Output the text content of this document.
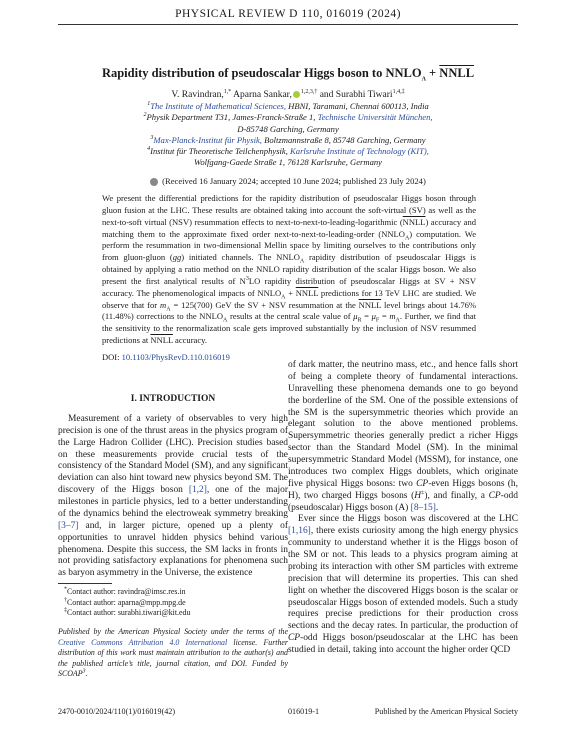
PHYSICAL REVIEW D 110, 016019 (2024)
Rapidity distribution of pseudoscalar Higgs boson to $NNLO_A$ + NNLL
V. Ravindran,$^{1,*}$ Aparna Sankar, $^{1,2,3,\dagger}$ and Surabhi Tiwari$^{1,4,\ddagger}$
$^1$The Institute of Mathematical Sciences, HBNI, Taramani, Chennai 600113, India
$^2$Physik Department T31, James-Franck-Straße 1, Technische Universität München,
D-85748 Garching, Germany
$^3$Max-Planck-Institut für Physik, Boltzmannstraße 8, 85748 Garching, Germany
$^4$Institut für Theoretische Teilchenphysik, Karlsruhe Institute of Technology (KIT),
Wolfgang-Gaede Straße 1, 76128 Karlsruhe, Germany
(Received 16 January 2024; accepted 10 June 2024; published 23 July 2024)
We present the differential predictions for the rapidity distribution of pseudoscalar Higgs boson through gluon fusion at the LHC. These results are obtained taking into account the soft-virtual (SV) as well as the next-to-soft virtual (NSV) resummation effects to next-to-next-to-leading-logarithmic (NNLL) accuracy and matching them to the approximate fixed order next-to-next-to-leading-order $(NNLO_A)$ computation. We perform the resummation in two-dimensional Mellin space by limiting ourselves to the contributions only from gluon-gluon (gg) initiated channels. The $NNLO_A$ rapidity distribution of pseudoscalar Higgs is obtained by applying a ratio method on the NNLO rapidity distribution of the scalar Higgs boson. We also present the first analytical results of $N^3LO$ rapidity distribution of pseudoscalar Higgs at SV + NSV accuracy. The phenomenological impacts of $NNLO_A$ + NNLL predictions for 13 TeV LHC are studied. We observe that for $m_A = 125(700)$ GeV the SV + NSV resummation at the NNLL level brings about 14.76% (11.48%) corrections to the $NNLO_A$ results at the central scale value of $\mu_R = \mu_F = m_A$. Further, we find that the sensitivity to the renormalization scale gets improved substantially by the inclusion of NSV resummed predictions at NNLL accuracy.
DOI: 10.1103/PhysRevD.110.016019
I. INTRODUCTION

Measurement of a variety of observables to very high precision is one of the thrust areas in the physics program of the Large Hadron Collider (LHC). Precision studies based on these measurements provide crucial tests of the consistency of the Standard Model (SM), and any significant deviation can also hint toward new physics beyond SM. The discovery of the Higgs boson [1,2], one of the major milestones in particle physics, led to a better understanding of the dynamics behind the electroweak symmetry breaking [3–7] and, in larger picture, opened up a plenty of opportunities to unravel hidden physics behind various phenomena. Despite this success, the SM lacks in fronts in not providing satisfactory explanations for phenomena such as baryon asymmetry in the Universe, the existence

of dark matter, the neutrino mass, etc., and hence falls short of being a complete theory of fundamental interactions. Unravelling these phenomena demands one to go beyond the borderline of the SM. One of the possible extensions of the SM is the supersymmetric theories which provide an elegant solution to the above mentioned problems. Supersymmetric theories generally predict a richer Higgs sector than the Standard Model (SM). In the minimal supersymmetric Standard Model (MSSM), for instance, one introduces two complex Higgs doublets, which originate five physical Higgs bosons: two CP-even Higgs bosons (h, H), two charged Higgs bosons (H±), and finally, a CP-odd (pseudoscalar) Higgs boson (A) [8–15].

Ever since the Higgs boson was discovered at the LHC [1,16], there exists curiosity among the high energy physics community to understand whether it is the Higgs boson of the SM or not. This leads to a physics program aiming at probing its interaction with other SM particles with extreme precision that will determine its properties. This can shed light on whether the discovered Higgs boson is the scalar or pseudoscalar Higgs boson of extended models. Such a study requires precise predictions for their production cross sections and the decay rates. In particular, the production of CP-odd Higgs boson/pseudoscalar at the LHC has been studied in detail, taking into account the higher order QCD

*Contact author: ravindra@imsc.res.in
†Contact author: aparna@mpp.mpg.de
‡Contact author: surabhi.tiwari@kit.edu
Published by the American Physical Society under the terms of the Creative Commons Attribution 4.0 International license. Further distribution of this work must maintain attribution to the author(s) and the published article’s title, journal citation, and DOI. Funded by SCOAP$^3$.
2470-0010/2024/110(1)/016019(42)	016019-1	Published by the American Physical Society
